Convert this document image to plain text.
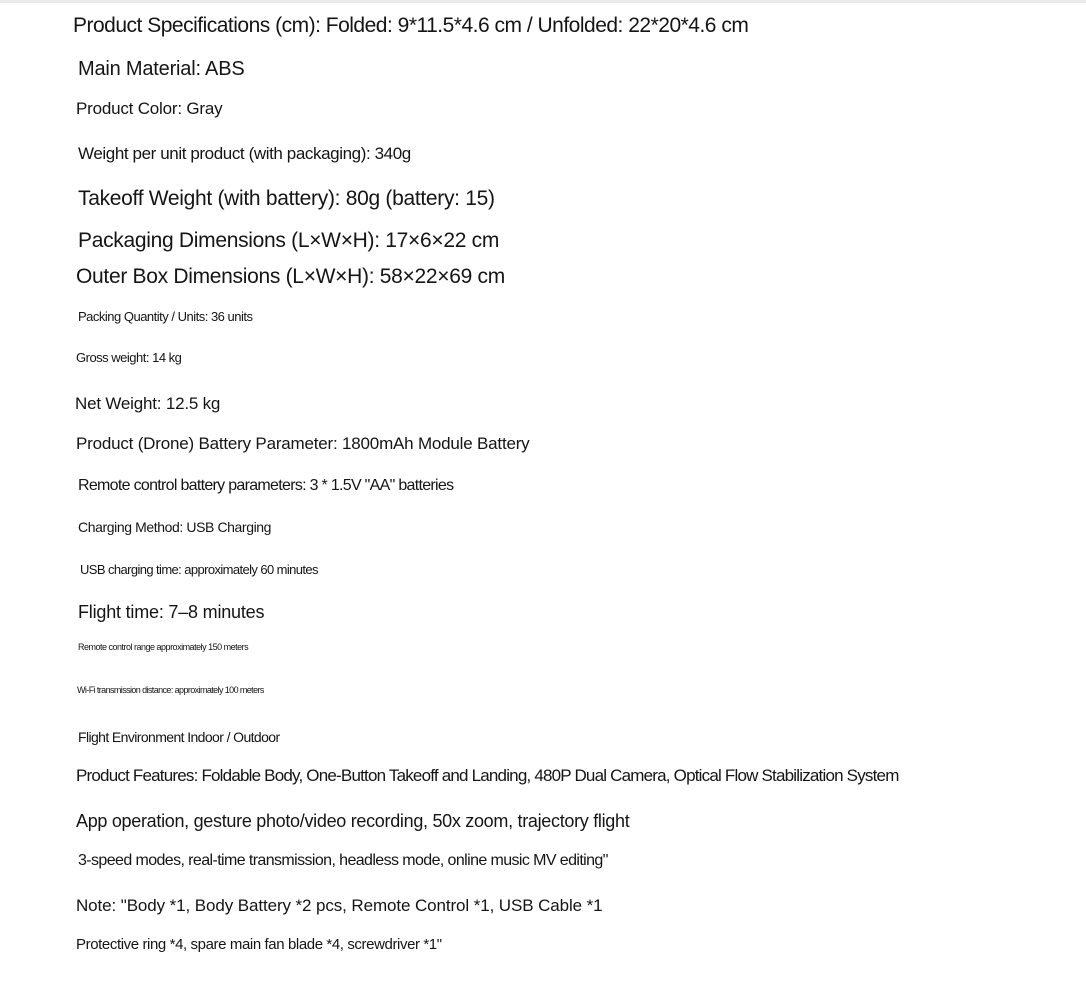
Product Specifications (cm): Folded: 9*11.5*4.6 cm / Unfolded: 22*20*4.6 cm
Main Material: ABS
Product Color: Gray
Weight per unit product (with packaging): 340g
Takeoff Weight (with battery): 80g (battery: 15)
Packaging Dimensions (L×W×H): 17×6×22 cm
Outer Box Dimensions (L×W×H): 58×22×69 cm
Packing Quantity / Units: 36 units
Gross weight: 14 kg
Net Weight: 12.5 kg
Product (Drone) Battery Parameter: 1800mAh Module Battery
Remote control battery parameters: 3 * 1.5V "AA" batteries
Charging Method: USB Charging
USB charging time: approximately 60 minutes
Flight time: 7–8 minutes
Remote control range approximately 150 meters
Wi-Fi transmission distance: approximately 100 meters
Flight Environment Indoor / Outdoor
Product Features: Foldable Body, One-Button Takeoff and Landing, 480P Dual Camera, Optical Flow Stabilization System
App operation, gesture photo/video recording, 50x zoom, trajectory flight
3-speed modes, real-time transmission, headless mode, online music MV editing"
Note: "Body *1, Body Battery *2 pcs, Remote Control *1, USB Cable *1
Protective ring *4, spare main fan blade *4, screwdriver *1"
